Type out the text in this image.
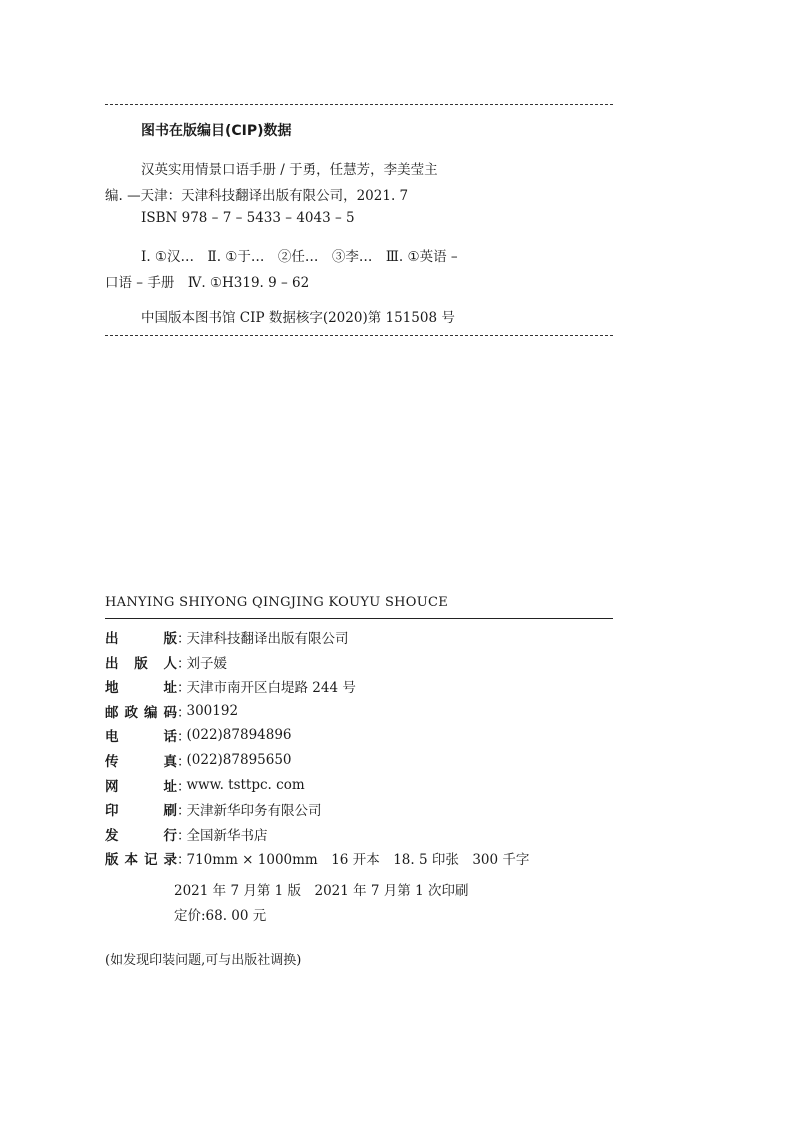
图书在版编目(CIP)数据
汉英实用情景口语手册 / 于勇，任慧芳，李美莹主
编. —天津：天津科技翻译出版有限公司，2021. 7
ISBN 978 – 7 – 5433 – 4043 – 5
Ⅰ. ①汉…　Ⅱ. ①于…　②任…　③李…　Ⅲ. ①英语 –
口语 – 手册　Ⅳ. ①H319. 9 – 62
中国版本图书馆 CIP 数据核字(2020)第 151508 号
HANYING SHIYONG QINGJING KOUYU SHOUCE
出	版 ：
天津科技翻译出版有限公司
出 版 人 ：
刘子媛
地	址 ：
天津市南开区白堤路 244 号
邮 政 编 码 ：
300192
电	话 ：
(022)87894896
传	真 ：
(022)87895650
网	址 ：
www. tsttpc. com
印	刷 ：
天津新华印务有限公司
发	行 ：
全国新华书店
版 本 记 录 ：
710mm × 1000mm　16 开本　18. 5 印张　300 千字
2021 年 7 月第 1 版　2021 年 7 月第 1 次印刷
定价:68. 00 元
(如发现印装问题,可与出版社调换)
